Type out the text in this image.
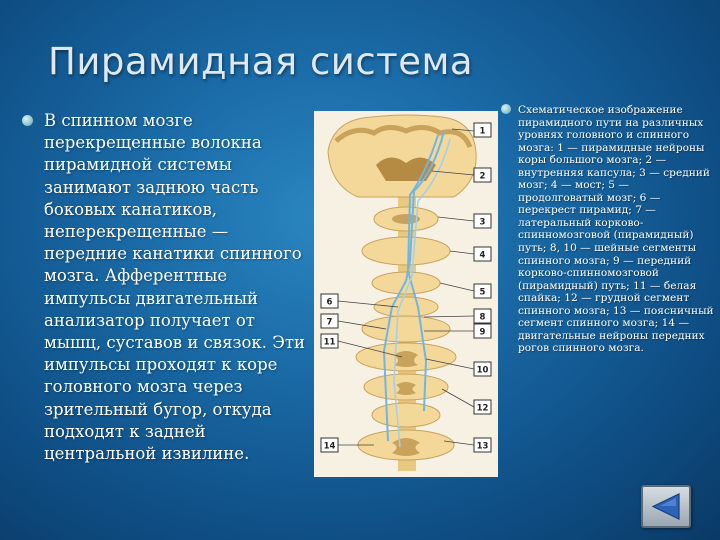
Пирамидная система
В спинном мозге перекрещенные волокна пирамидной системы занимают заднюю часть боковых канатиков, неперекрещенные — передние канатики спинного мозга. Афферентные импульсы двигательный анализатор получает от мышц, суставов и связок. Эти импульсы проходят к коре головного мозга через зрительный бугор, откуда подходят к задней центральной извилине.
Схематическое изображение пирамидного пути на различных уровнях головного и спинного мозга: 1 — пирамидные нейроны коры большого мозга; 2 — внутренняя капсула; 3 — средний мозг; 4 — мост; 5 — продолговатый мозг; 6 — перекрест пирамид; 7 — латеральный корково-спинномозговой (пирамидный) путь; 8, 10 — шейные сегменты спинного мозга; 9 — передний корково-спинномозговой (пирамидный) путь; 11 — белая спайка; 12 — грудной сегмент спинного мозга; 13 — поясничный сегмент спинного мозга; 14 — двигательные нейроны передних рогов спинного мозга.
1
2
3
4
5
6
7	8
9
10
11
12
13
14
